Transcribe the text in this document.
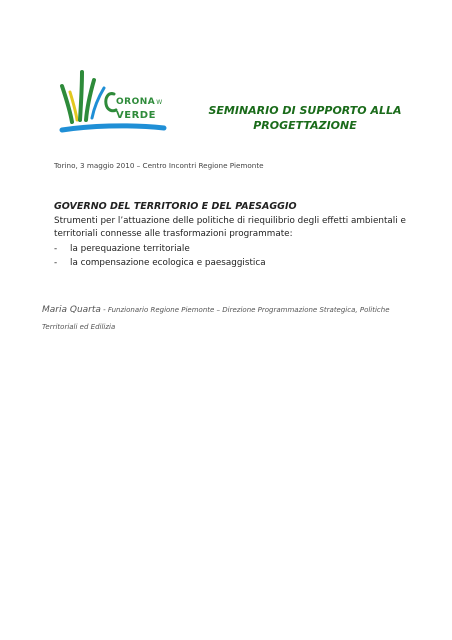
ORONAW
VERDE	SEMINARIO DI SUPPORTO ALLA
PROGETTAZIONE
Torino, 3 maggio 2010 – Centro Incontri Regione Piemonte
GOVERNO DEL TERRITORIO E DEL PAESAGGIO

Strumenti per l’attuazione delle politiche di riequilibrio degli effetti ambientali e territoriali connesse alle trasformazioni programmate:

-	la perequazione territoriale
-	la compensazione ecologica e paesaggistica
Maria Quarta - Funzionario Regione Piemonte – Direzione Programmazione Strategica, Politiche Territoriali ed Edilizia
